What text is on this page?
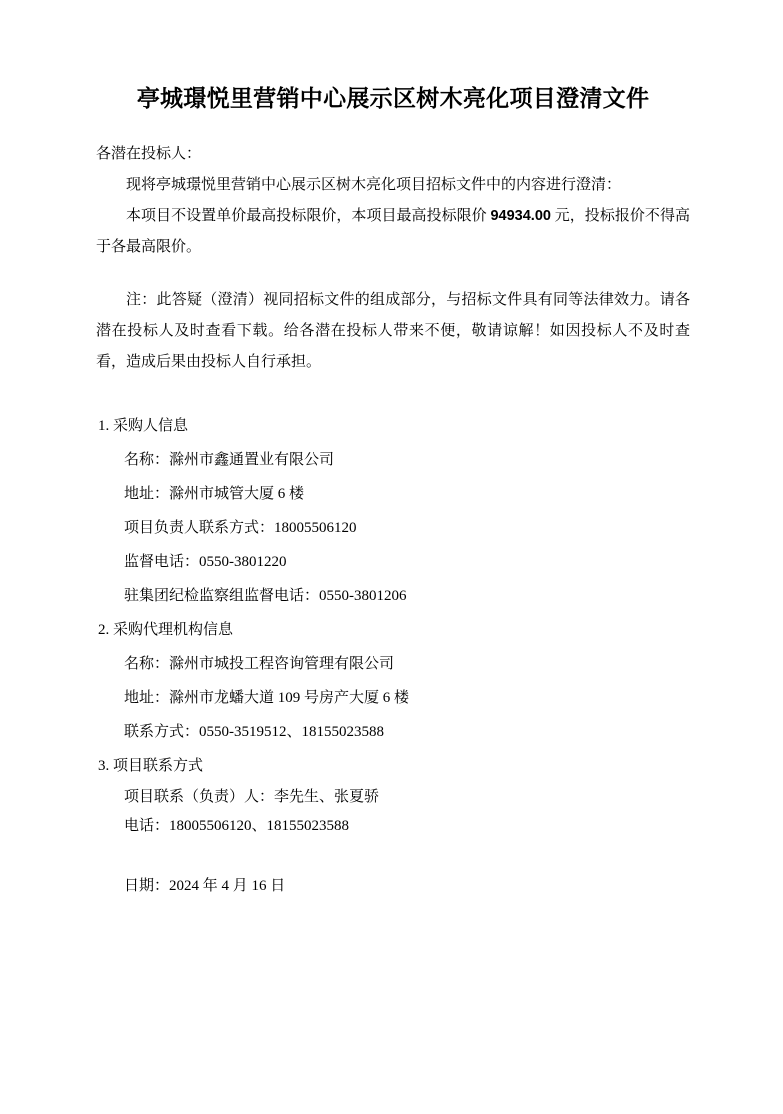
亭城璟悦里营销中心展示区树木亮化项目澄清文件

各潜在投标人：

现将亭城璟悦里营销中心展示区树木亮化项目招标文件中的内容进行澄清：

本项目不设置单价最高投标限价，本项目最高投标限价 94934.00 元，投标报价不得高于各最高限价。

注：此答疑（澄清）视同招标文件的组成部分，与招标文件具有同等法律效力。请各潜在投标人及时查看下载。给各潜在投标人带来不便，敬请谅解！如因投标人不及时查看，造成后果由投标人自行承担。

1. 采购人信息
名称：滁州市鑫通置业有限公司
地址：滁州市城管大厦 6 楼
项目负责人联系方式：18005506120
监督电话：0550-3801220
驻集团纪检监察组监督电话：0550-3801206
2. 采购代理机构信息
名称：滁州市城投工程咨询管理有限公司
地址：滁州市龙蟠大道 109 号房产大厦 6 楼
联系方式：0550-3519512、18155023588
3. 项目联系方式
项目联系（负责）人：李先生、张夏骄
电话：18005506120、18155023588

日期：2024 年 4 月 16 日
